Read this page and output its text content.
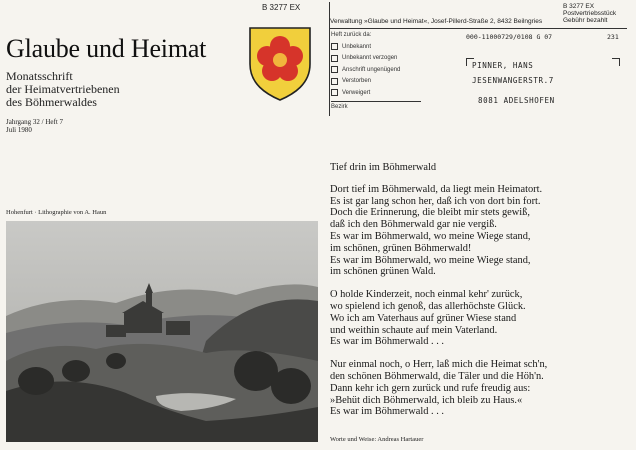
Glaube und Heimat
Monatsschrift
der Heimatvertriebenen
des Böhmerwaldes
Jahrgang 32 / Heft 7
Juli 1980
B 3277 EX
Verwaltung »Glaube und Heimat«, Josef-Pillerd-Straße 2, 8432 Beilngries
B 3277 EX
Postvertriebsstück
Gebühr bezahlt
Heft zurück da:
Unbekannt
Unbekannt verzogen
Anschrift ungenügend
Verstorben
Verweigert
Bezirk
000-11000729/0108 G 07	231
PINNER, HANS
JESENWANGERSTR.7
8081 ADELSHOFEN
Hohenfurt · Lithographie von A. Haun
Tief drin im Böhmerwald
Dort tief im Böhmerwald, da liegt mein Heimatort.
Es ist gar lang schon her, daß ich von dort bin fort.
Doch die Erinnerung, die bleibt mir stets gewiß,
daß ich den Böhmerwald gar nie vergiß.
Es war im Böhmerwald, wo meine Wiege stand,
im schönen, grünen Böhmerwald!
Es war im Böhmerwald, wo meine Wiege stand,
im schönen grünen Wald.
O holde Kinderzeit, noch einmal kehr' zurück,
wo spielend ich genoß, das allerhöchste Glück.
Wo ich am Vaterhaus auf grüner Wiese stand
und weithin schaute auf mein Vaterland.
Es war im Böhmerwald . . .
Nur einmal noch, o Herr, laß mich die Heimat sch'n,
den schönen Böhmerwald, die Täler und die Höh'n.
Dann kehr ich gern zurück und rufe freudig aus:
»Behüt dich Böhmerwald, ich bleib zu Haus.«
Es war im Böhmerwald . . .
Worte und Weise: Andreas Hartauer
